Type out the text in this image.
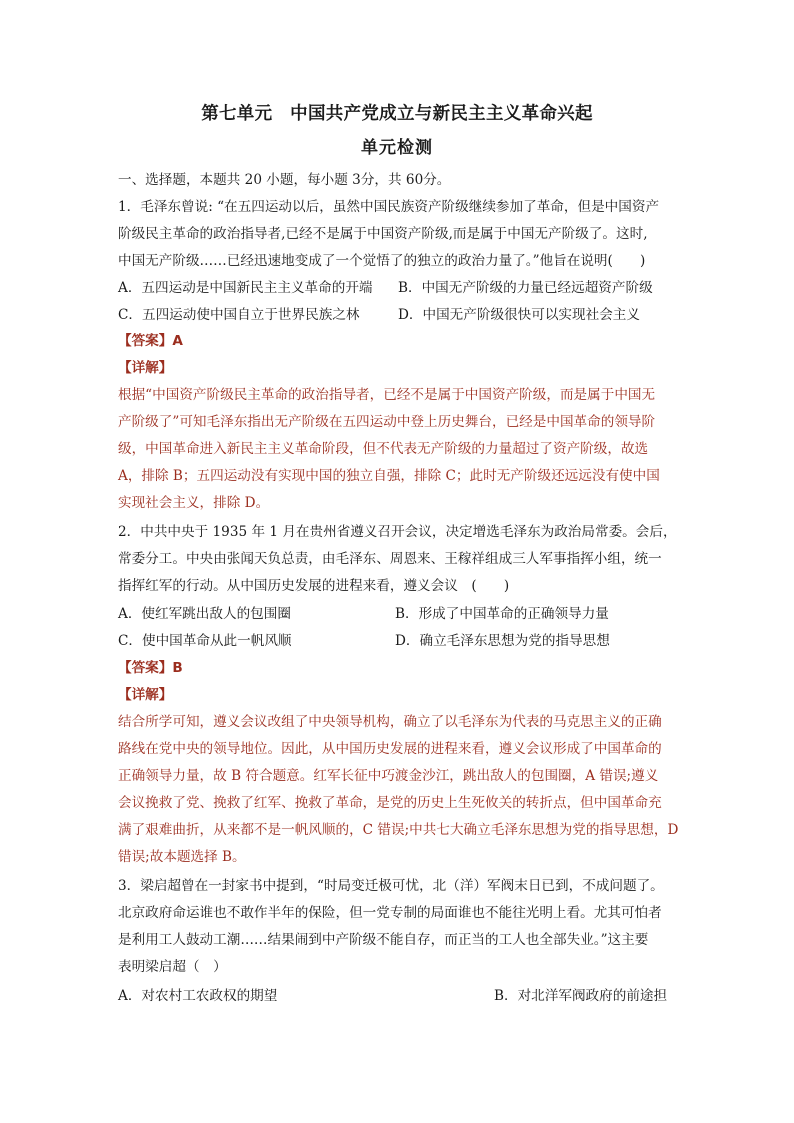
第七单元　中国共产党成立与新民主主义革命兴起
单元检测
一、选择题，本题共 20 小题，每小题 3分，共 60分。
1．毛泽东曾说: “在五四运动以后，虽然中国民族资产阶级继续参加了革命，但是中国资产
阶级民主革命的政治指导者,已经不是属于中国资产阶级,而是属于中国无产阶级了。这时,
中国无产阶级……已经迅速地变成了一个觉悟了的独立的政治力量了。”他旨在说明(　　)
A．五四运动是中国新民主主义革命的开端 B．中国无产阶级的力量已经远超资产阶级
C．五四运动使中国自立于世界民族之林	D．中国无产阶级很快可以实现社会主义
【答案】A
【详解】
根据“中国资产阶级民主革命的政治指导者，已经不是属于中国资产阶级，而是属于中国无
产阶级了”可知毛泽东指出无产阶级在五四运动中登上历史舞台，已经是中国革命的领导阶
级，中国革命进入新民主主义革命阶段，但不代表无产阶级的力量超过了资产阶级，故选
A，排除 B；五四运动没有实现中国的独立自强，排除 C；此时无产阶级还远远没有使中国
实现社会主义，排除 D。
2．中共中央于 1935 年 1 月在贵州省遵义召开会议，决定增选毛泽东为政治局常委。会后，
常委分工。中央由张闻天负总责，由毛泽东、周恩来、王稼祥组成三人军事指挥小组，统一
指挥红军的行动。从中国历史发展的进程来看，遵义会议　(　　)
A．使红军跳出敌人的包围圈	B．形成了中国革命的正确领导力量
C．使中国革命从此一帆风顺	D．确立毛泽东思想为党的指导思想
【答案】B
【详解】
结合所学可知，遵义会议改组了中央领导机构，确立了以毛泽东为代表的马克思主义的正确
路线在党中央的领导地位。因此，从中国历史发展的进程来看，遵义会议形成了中国革命的
正确领导力量，故 B 符合题意。红军长征中巧渡金沙江，跳出敌人的包围圈，A 错误;遵义
会议挽救了党、挽救了红军、挽救了革命，是党的历史上生死攸关的转折点，但中国革命充
满了艰难曲折，从来都不是一帆风顺的，C 错误;中共七大确立毛泽东思想为党的指导思想，D
错误;故本题选择 B。
3．梁启超曾在一封家书中提到，“时局变迁极可忧，北（洋）军阀末日已到，不成问题了。
北京政府命运谁也不敢作半年的保险，但一党专制的局面谁也不能往光明上看。尤其可怕者
是利用工人鼓动工潮……结果闹到中产阶级不能自存，而正当的工人也全部失业。”这主要
表明梁启超（　）
A．对农村工农政权的期望	B．对北洋军阀政府的前途担
